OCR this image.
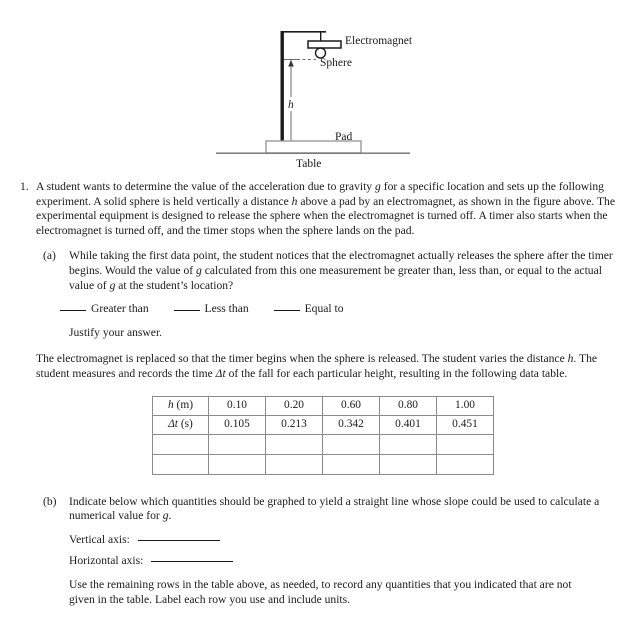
Electromagnet
Sphere
h
Pad
Table
1. A student wants to determine the value of the acceleration due to gravity g for a specific location and sets up the following experiment. A solid sphere is held vertically a distance h above a pad by an electromagnet, as shown in the figure above. The experimental equipment is designed to release the sphere when the electromagnet is turned off. A timer also starts when the electromagnet is turned off, and the timer stops when the sphere lands on the pad.
(a) While taking the first data point, the student notices that the electromagnet actually releases the sphere after the timer begins. Would the value of g calculated from this one measurement be greater than, less than, or equal to the actual value of g at the student’s location?
Greater than	Less than	Equal to
Justify your answer.
The electromagnet is replaced so that the timer begins when the sphere is released. The student varies the distance h. The student measures and records the time Δt of the fall for each particular height, resulting in the following data table.
h (m)	0.10	0.20	0.60	0.80	1.00
Δt (s)	0.105	0.213	0.342	0.401	0.451

(b) Indicate below which quantities should be graphed to yield a straight line whose slope could be used to calculate a numerical value for g.
Vertical axis:
Horizontal axis:
Use the remaining rows in the table above, as needed, to record any quantities that you indicated that are not given in the table. Label each row you use and include units.
